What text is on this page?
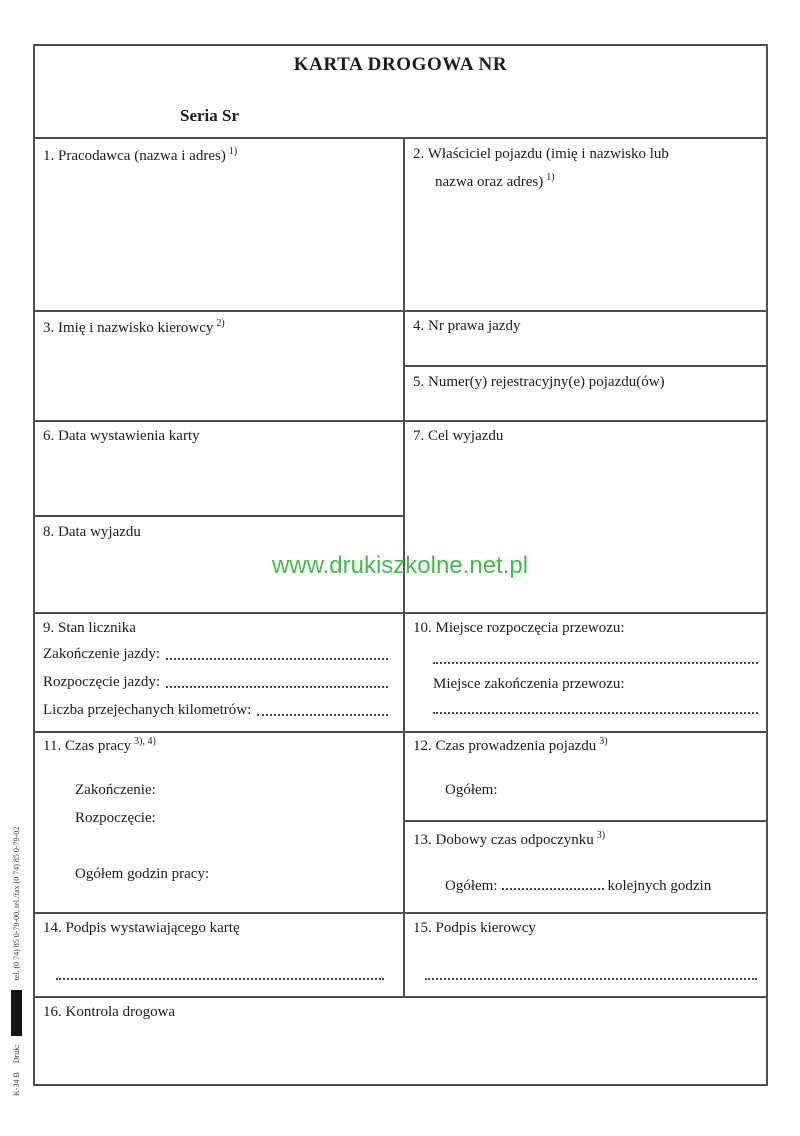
KARTA DROGOWA NR
Seria Sr
1. Pracodawca (nazwa i adres) $^{1)}$	2. Właściciel pojazdu (imię i nazwisko lub
nazwa oraz adres) $^{1)}$
3. Imię i nazwisko kierowcy $^{2)}$	4. Nr prawa jazdy
5. Numer(y) rejestracyjny(e) pojazdu(ów)
6. Data wystawienia karty	7. Cel wyjazdu
8. Data wyjazdu
www.drukiszkolne.net.pl
9. Stan licznika
Zakończenie jazdy:
Rozpoczęcie jazdy:
Liczba przejechanych kilometrów:
10. Miejsce rozpoczęcia przewozu:
Miejsce zakończenia przewozu:
11. Czas pracy $^{3), 4)}$
Zakończenie:
Rozpoczęcie:
Ogółem godzin pracy:
12. Czas prowadzenia pojazdu $^{3)}$
Ogółem:
13. Dobowy czas odpoczynku $^{3)}$
Ogółem:	kolejnych godzin
14. Podpis wystawiającego kartę	15. Podpis kierowcy
16. Kontrola drogowa
K-34 B
Druk:
tel. (0 74) 85 0-79-00, tel./fax (0 74) 85 0-79-02
